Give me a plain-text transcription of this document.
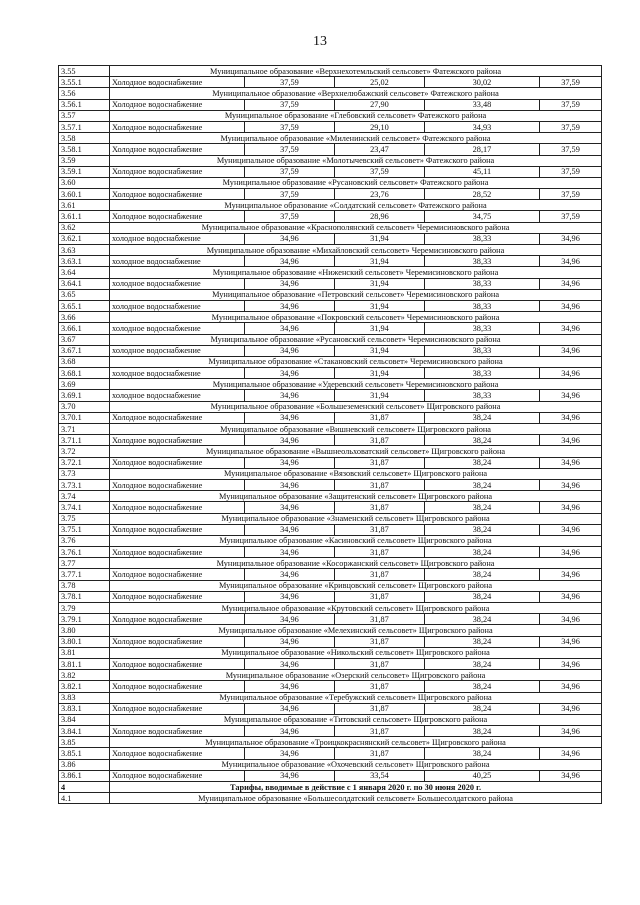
13
3.55	Муниципальное образование «Верхнехотемльский сельсовет» Фатежского района				
3.55.1	Холодное водоснабжение	37,59	25,02	30,02	37,59
3.56	Муниципальное образование «Верхнелюбажский сельсовет» Фатежского района				
3.56.1	Холодное водоснабжение	37,59	27,90	33,48	37,59
3.57	Муниципальное образование «Глебовский сельсовет» Фатежского района				
3.57.1	Холодное водоснабжение	37,59	29,10	34,93	37,59
3.58	Муниципальное образование «Миленинский сельсовет» Фатежского района				
3.58.1	Холодное водоснабжение	37,59	23,47	28,17	37,59
3.59	Муниципальное образование «Молотычевский сельсовет» Фатежского района				
3.59.1	Холодное водоснабжение	37,59	37,59	45,11	37,59
3.60	Муниципальное образование «Русановский сельсовет» Фатежского района				
3.60.1	Холодное водоснабжение	37,59	23,76	28,52	37,59
3.61	Муниципальное образование «Солдатский сельсовет» Фатежского района				
3.61.1	Холодное водоснабжение	37,59	28,96	34,75	37,59
3.62	Муниципальное образование «Краснополянский сельсовет» Черемисиновского района				
3.62.1	холодное водоснабжение	34,96	31,94	38,33	34,96
3.63	Муниципальное образование «Михайловский сельсовет» Черемисиновского района				
3.63.1	холодное водоснабжение	34,96	31,94	38,33	34,96
3.64	Муниципальное образование «Ниженский сельсовет» Черемисиновского района				
3.64.1	холодное водоснабжение	34,96	31,94	38,33	34,96
3.65	Муниципальное образование «Петровский сельсовет» Черемисиновского района				
3.65.1	холодное водоснабжение	34,96	31,94	38,33	34,96
3.66	Муниципальное образование «Покровский сельсовет» Черемисиновского района				
3.66.1	холодное водоснабжение	34,96	31,94	38,33	34,96
3.67	Муниципальное образование «Русановский сельсовет» Черемисиновского района				
3.67.1	холодное водоснабжение	34,96	31,94	38,33	34,96
3.68	Муниципальное образование «Стакановский сельсовет» Черемисиновского района				
3.68.1	холодное водоснабжение	34,96	31,94	38,33	34,96
3.69	Муниципальное образование «Удеревский сельсовет» Черемисиновского района				
3.69.1	холодное водоснабжение	34,96	31,94	38,33	34,96
3.70	Муниципальное образование «Большеземенский сельсовет» Щигровского района				
3.70.1	Холодное водоснабжение	34,96	31,87	38,24	34,96
3.71	Муниципальное образование «Вишневский сельсовет» Щигровского района				
3.71.1	Холодное водоснабжение	34,96	31,87	38,24	34,96
3.72	Муниципальное образование «Вышнеольховатский сельсовет» Щигровского района				
3.72.1	Холодное водоснабжение	34,96	31,87	38,24	34,96
3.73	Муниципальное образование «Вязовский сельсовет» Щигровского района				
3.73.1	Холодное водоснабжение	34,96	31,87	38,24	34,96
3.74	Муниципальное образование «Защитенский сельсовет» Щигровского района				
3.74.1	Холодное водоснабжение	34,96	31,87	38,24	34,96
3.75	Муниципальное образование «Знаменский сельсовет» Щигровского района				
3.75.1	Холодное водоснабжение	34,96	31,87	38,24	34,96
3.76	Муниципальное образование «Касиновский сельсовет» Щигровского района				
3.76.1	Холодное водоснабжение	34,96	31,87	38,24	34,96
3.77	Муниципальное образование «Косоржанский сельсовет» Щигровского района				
3.77.1	Холодное водоснабжение	34,96	31,87	38,24	34,96
3.78	Муниципальное образование «Кривцовский сельсовет» Щигровского района				
3.78.1	Холодное водоснабжение	34,96	31,87	38,24	34,96
3.79	Муниципальное образование «Крутовский сельсовет» Щигровского района				
3.79.1	Холодное водоснабжение	34,96	31,87	38,24	34,96
3.80	Муниципальное образование «Мелехинский сельсовет» Щигровского района				
3.80.1	Холодное водоснабжение	34,96	31,87	38,24	34,96
3.81	Муниципальное образование «Никольский сельсовет» Щигровского района				
3.81.1	Холодное водоснабжение	34,96	31,87	38,24	34,96
3.82	Муниципальное образование «Озерский сельсовет» Щигровского района				
3.82.1	Холодное водоснабжение	34,96	31,87	38,24	34,96
3.83	Муниципальное образование «Теребужский сельсовет» Щигровского района				
3.83.1	Холодное водоснабжение	34,96	31,87	38,24	34,96
3.84	Муниципальное образование «Титовский сельсовет» Щигровского района				
3.84.1	Холодное водоснабжение	34,96	31,87	38,24	34,96
3.85	Муниципальное образование «Троицкокраснянский сельсовет» Щигровского района				
3.85.1	Холодное водоснабжение	34,96	31,87	38,24	34,96
3.86	Муниципальное образование «Охочевский сельсовет» Щигровского района				
3.86.1	Холодное водоснабжение	34,96	33,54	40,25	34,96
4	Тарифы, вводимые в действие с 1 января 2020 г. по 30 июня 2020 г.				
4.1	Муниципальное образование «Большесолдатский сельсовет» Большесолдатского района				
